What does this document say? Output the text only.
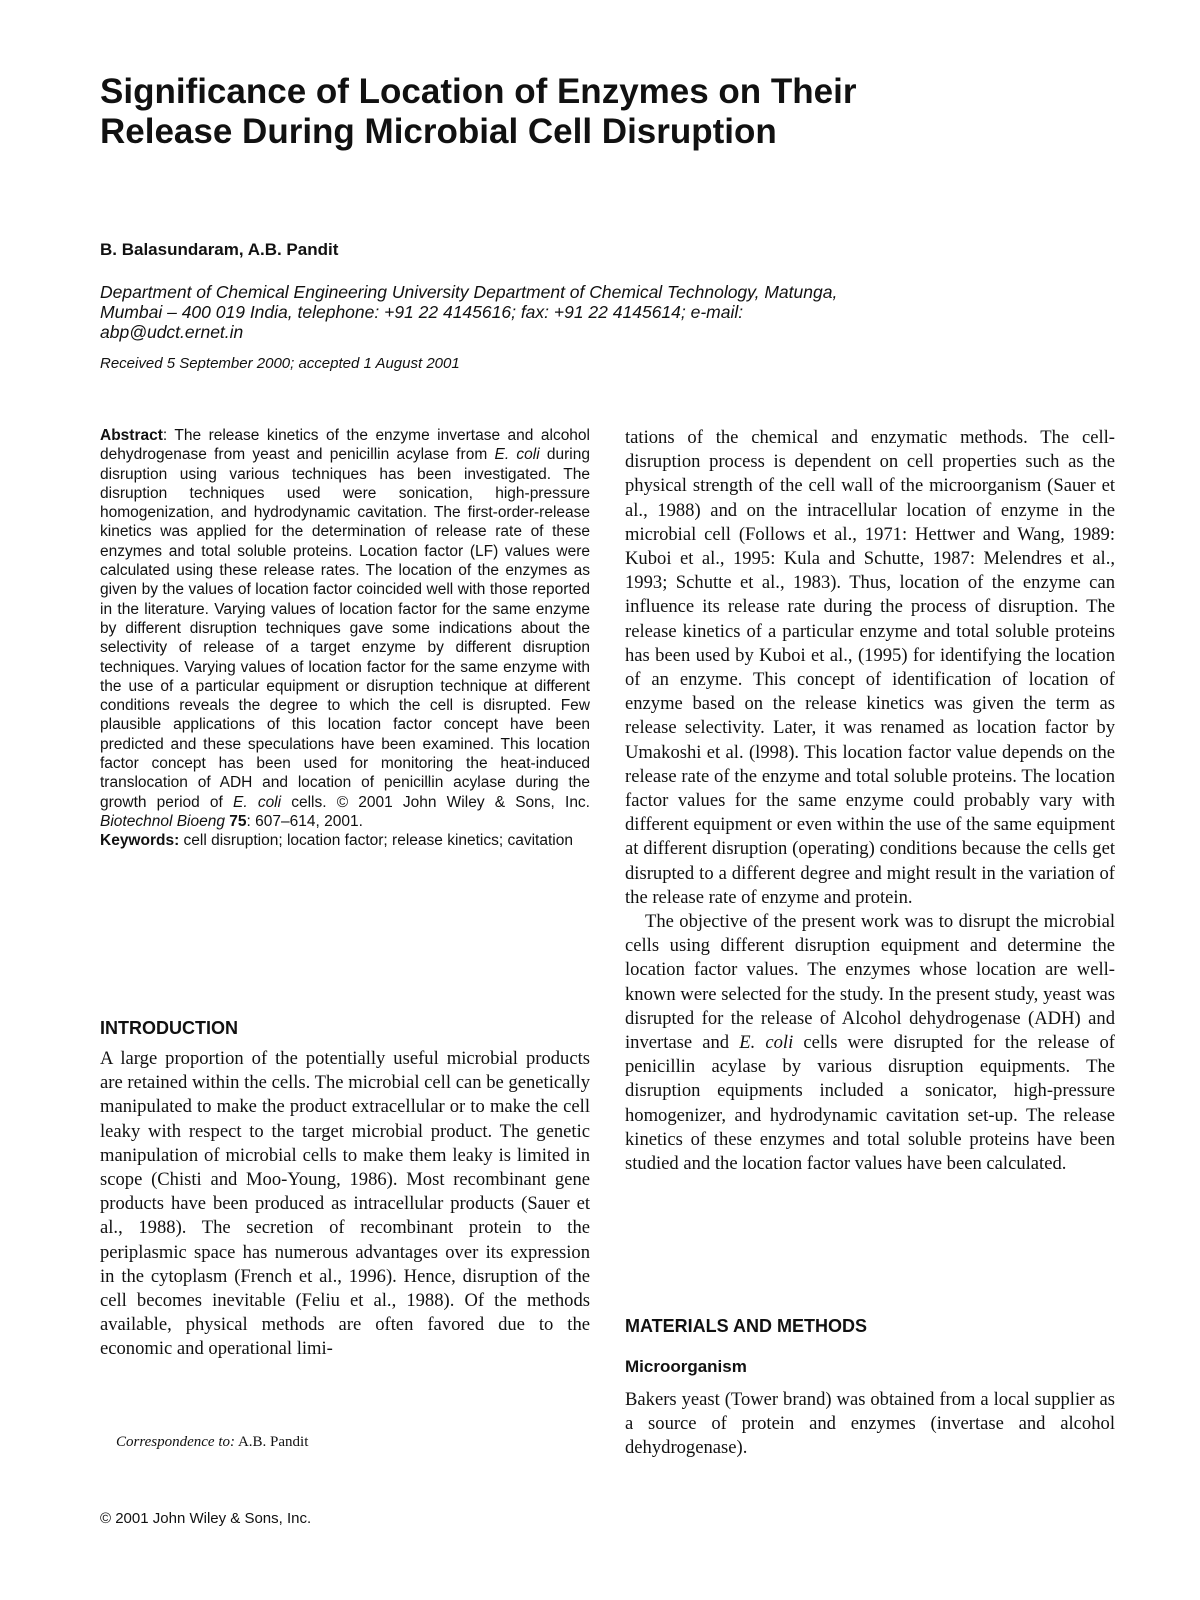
Significance of Location of Enzymes on Their Release During Microbial Cell Disruption

B. Balasundaram, A.B. Pandit

Department of Chemical Engineering University Department of Chemical Technology, Matunga, Mumbai – 400 019 India, telephone: +91 22 4145616; fax: +91 22 4145614; e-mail: abp@udct.ernet.in

Received 5 September 2000; accepted 1 August 2001

Abstract: The release kinetics of the enzyme invertase and alcohol dehydrogenase from yeast and penicillin acylase from E. coli during disruption using various techniques has been investigated. The disruption techniques used were sonication, high-pressure homogenization, and hydrodynamic cavitation. The first-order-release kinetics was applied for the determination of release rate of these enzymes and total soluble proteins. Location factor (LF) values were calculated using these release rates. The location of the enzymes as given by the values of location factor coincided well with those reported in the literature. Varying values of location factor for the same enzyme by different disruption techniques gave some indications about the selectivity of release of a target enzyme by different disruption techniques. Varying values of location factor for the same enzyme with the use of a particular equipment or disruption technique at different conditions reveals the degree to which the cell is disrupted. Few plausible applications of this location factor concept have been predicted and these speculations have been examined. This location factor concept has been used for monitoring the heat-induced translocation of ADH and location of penicillin acylase during the growth period of E. coli cells. © 2001 John Wiley & Sons, Inc. Biotechnol Bioeng 75: 607–614, 2001.

Keywords: cell disruption; location factor; release kinetics; cavitation

INTRODUCTION

A large proportion of the potentially useful microbial products are retained within the cells. The microbial cell can be genetically manipulated to make the product extracellular or to make the cell leaky with respect to the target microbial product. The genetic manipulation of microbial cells to make them leaky is limited in scope (Chisti and Moo-Young, 1986). Most recombinant gene products have been produced as intracellular products (Sauer et al., 1988). The secretion of recombinant protein to the periplasmic space has numerous advantages over its expression in the cytoplasm (French et al., 1996). Hence, disruption of the cell becomes inevitable (Feliu et al., 1988). Of the methods available, physical methods are often favored due to the economic and operational limi-

tations of the chemical and enzymatic methods. The cell-disruption process is dependent on cell properties such as the physical strength of the cell wall of the microorganism (Sauer et al., 1988) and on the intracellular location of enzyme in the microbial cell (Follows et al., 1971: Hettwer and Wang, 1989: Kuboi et al., 1995: Kula and Schutte, 1987: Melendres et al., 1993; Schutte et al., 1983). Thus, location of the enzyme can influence its release rate during the process of disruption. The release kinetics of a particular enzyme and total soluble proteins has been used by Kuboi et al., (1995) for identifying the location of an enzyme. This concept of identification of location of enzyme based on the release kinetics was given the term as release selectivity. Later, it was renamed as location factor by Umakoshi et al. (l998). This location factor value depends on the release rate of the enzyme and total soluble proteins. The location factor values for the same enzyme could probably vary with different equipment or even within the use of the same equipment at different disruption (operating) conditions because the cells get disrupted to a different degree and might result in the variation of the release rate of enzyme and protein.

The objective of the present work was to disrupt the microbial cells using different disruption equipment and determine the location factor values. The enzymes whose location are well-known were selected for the study. In the present study, yeast was disrupted for the release of Alcohol dehydrogenase (ADH) and invertase and E. coli cells were disrupted for the release of penicillin acylase by various disruption equipments. The disruption equipments included a sonicator, high-pressure homogenizer, and hydrodynamic cavitation set-up. The release kinetics of these enzymes and total soluble proteins have been studied and the location factor values have been calculated.

MATERIALS AND METHODS
Microorganism

Bakers yeast (Tower brand) was obtained from a local supplier as a source of protein and enzymes (invertase and alcohol dehydrogenase).

Correspondence to: A.B. Pandit

© 2001 John Wiley & Sons, Inc.
